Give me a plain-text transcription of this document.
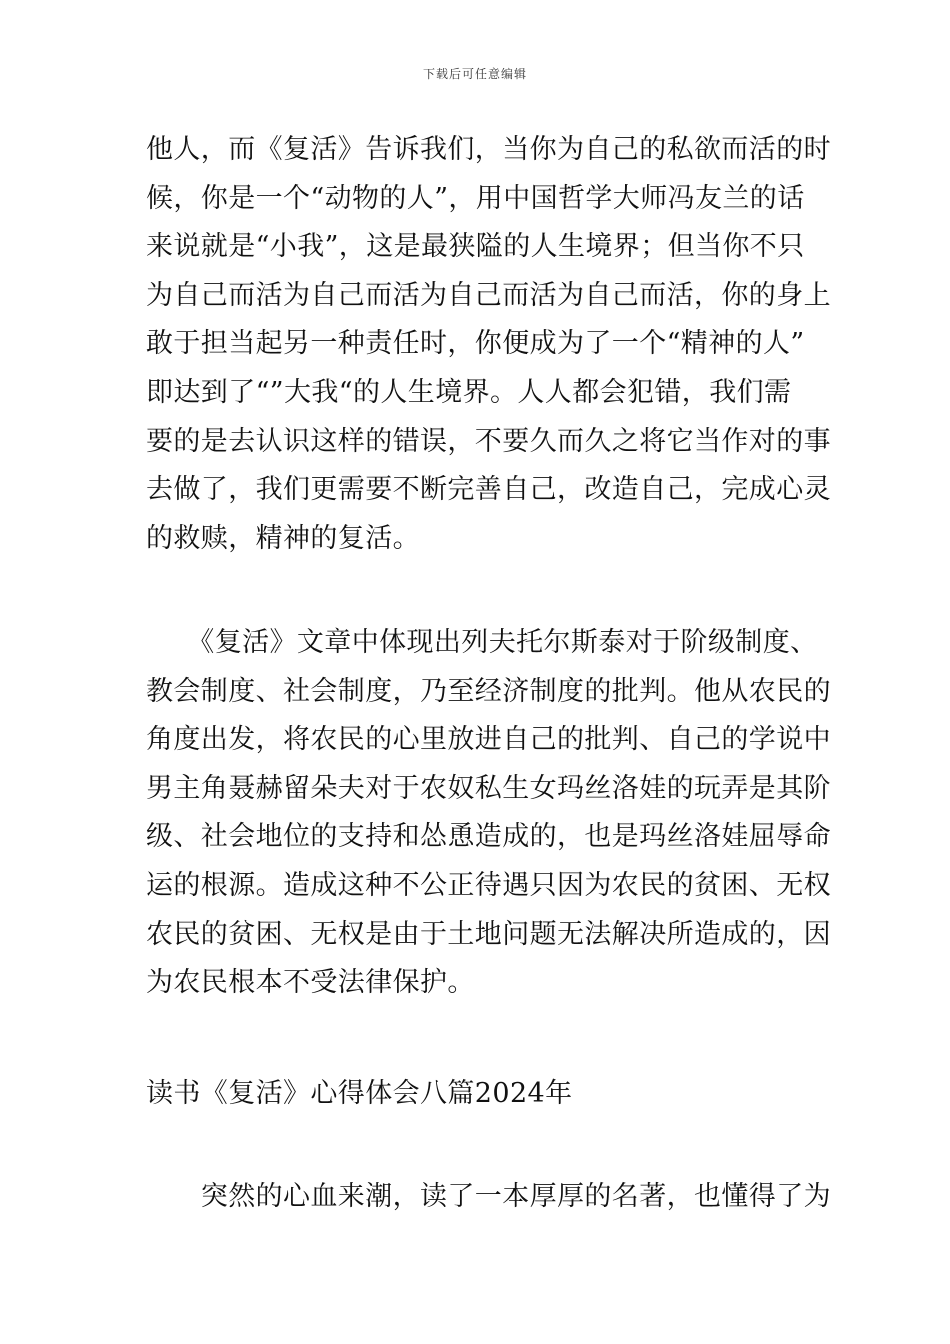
下载后可任意编辑
他人，而《复活》告诉我们，当你为自己的私欲而活的时
候，你是一个“动物的人”，用中国哲学大师冯友兰的话
来说就是“小我”，这是最狭隘的人生境界；但当你不只
为自己而活为自己而活为自己而活为自己而活，你的身上
敢于担当起另一种责任时，你便成为了一个“精神的人”
即达到了“”大我“的人生境界。人人都会犯错，我们需
要的是去认识这样的错误，不要久而久之将它当作对的事
去做了，我们更需要不断完善自己，改造自己，完成心灵
的救赎，精神的复活。
　　《复活》文章中体现出列夫托尔斯泰对于阶级制度、
教会制度、社会制度，乃至经济制度的批判。他从农民的
角度出发，将农民的心里放进自己的批判、自己的学说中
男主角聂赫留朵夫对于农奴私生女玛丝洛娃的玩弄是其阶
级、社会地位的支持和怂恿造成的，也是玛丝洛娃屈辱命
运的根源。造成这种不公正待遇只因为农民的贫困、无权
农民的贫困、无权是由于土地问题无法解决所造成的，因
为农民根本不受法律保护。
读书《复活》心得体会八篇2024年
　　突然的心血来潮，读了一本厚厚的名著，也懂得了为
